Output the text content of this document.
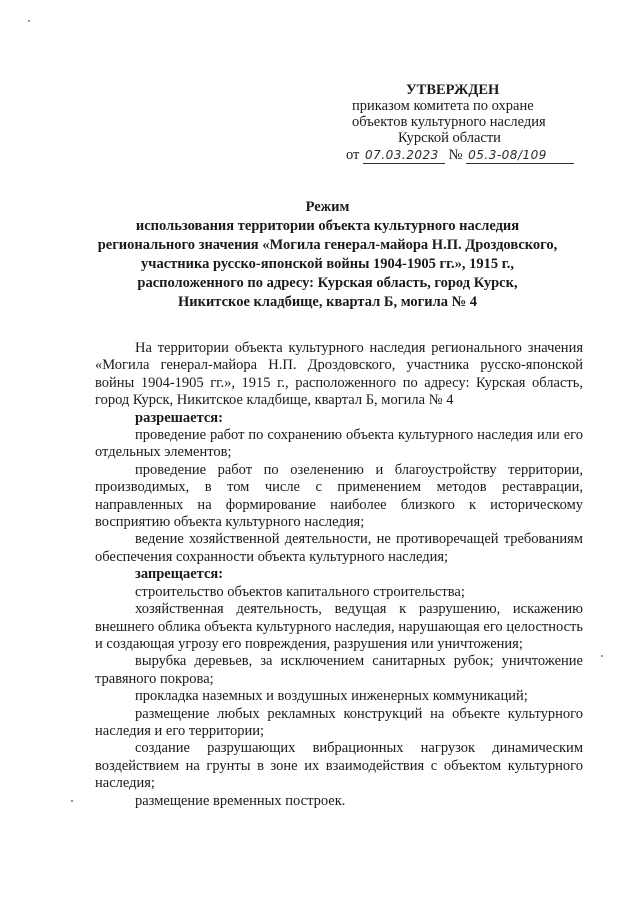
УТВЕРЖДЕН
приказом комитета по охране
объектов культурного наследия
Курской области
от 07.03.2023 № 05.3-08/109
Режим
использования территории объекта культурного наследия
регионального значения «Могила генерал-майора Н.П. Дроздовского,
участника русско-японской войны 1904-1905 гг.», 1915 г.,
расположенного по адресу: Курская область, город Курск,
Никитское кладбище, квартал Б, могила № 4

На территории объекта культурного наследия регионального значения «Могила генерал-майора Н.П. Дроздовского, участника русско-японской войны 1904-1905 гг.», 1915 г., расположенного по адресу: Курская область, город Курск, Никитское кладбище, квартал Б, могила № 4

разрешается:

проведение работ по сохранению объекта культурного наследия или его отдельных элементов;

проведение работ по озеленению и благоустройству территории, производимых, в том числе с применением методов реставрации, направленных на формирование наиболее близкого к историческому восприятию объекта культурного наследия;

ведение хозяйственной деятельности, не противоречащей требованиям обеспечения сохранности объекта культурного наследия;

запрещается:

строительство объектов капитального строительства;

хозяйственная деятельность, ведущая к разрушению, искажению внешнего облика объекта культурного наследия, нарушающая его целостность и создающая угрозу его повреждения, разрушения или уничтожения;

вырубка деревьев, за исключением санитарных рубок; уничтожение травяного покрова;

прокладка наземных и воздушных инженерных коммуникаций;

размещение любых рекламных конструкций на объекте культурного наследия и его территории;

создание разрушающих вибрационных нагрузок динамическим воздействием на грунты в зоне их взаимодействия с объектом культурного наследия;

размещение временных построек.
